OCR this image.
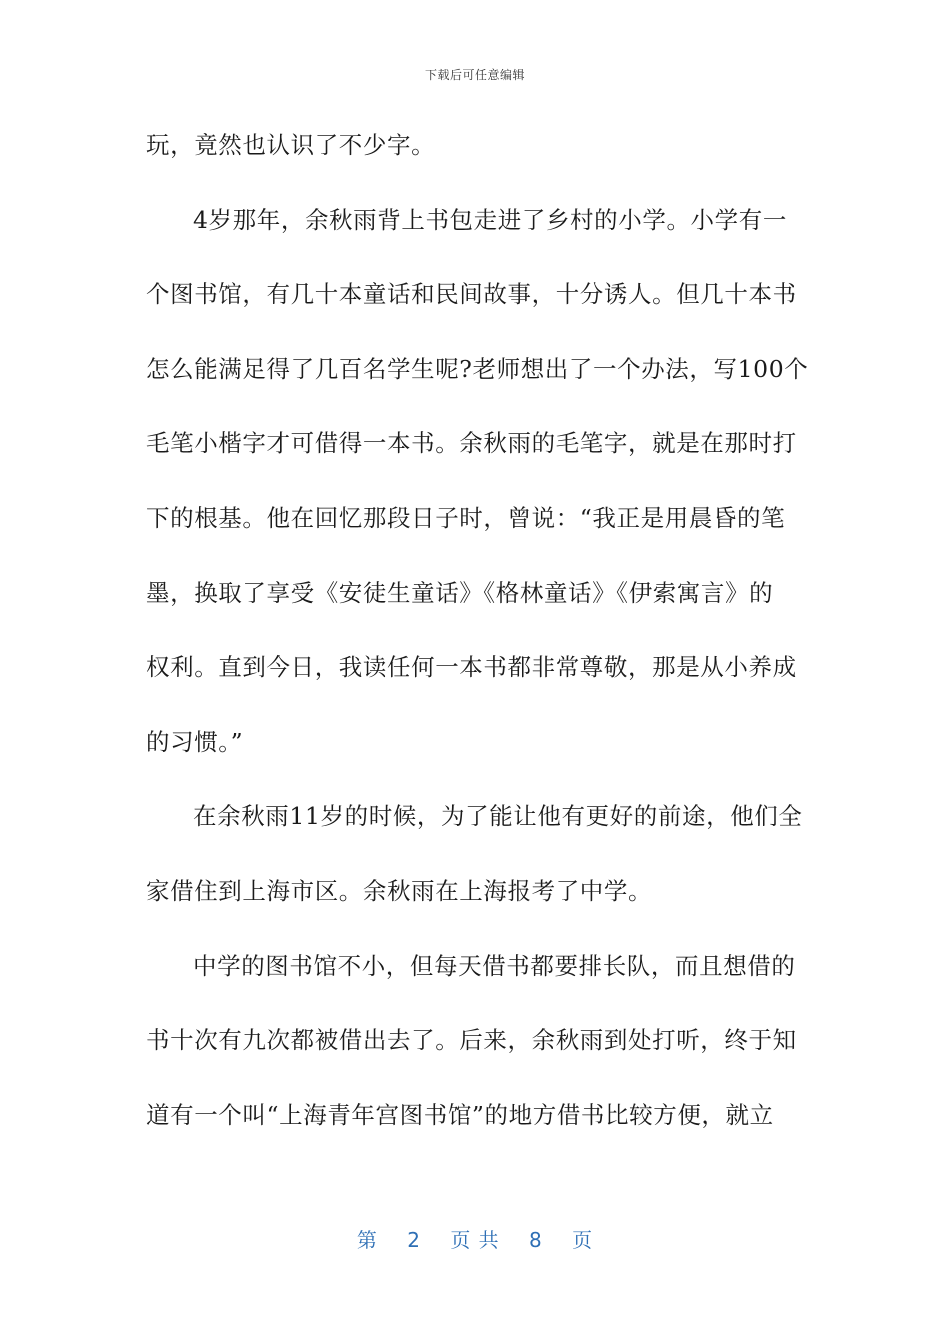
下载后可任意编辑
玩，竟然也认识了不少字。
4岁那年，余秋雨背上书包走进了乡村的小学。小学有一
个图书馆，有几十本童话和民间故事，十分诱人。但几十本书
怎么能满足得了几百名学生呢?老师想出了一个办法，写100个
毛笔小楷字才可借得一本书。余秋雨的毛笔字，就是在那时打
下的根基。他在回忆那段日子时，曾说：“我正是用晨昏的笔
墨，换取了享受《安徒生童话》《格林童话》《伊索寓言》的
权利。直到今日，我读任何一本书都非常尊敬，那是从小养成
的习惯。”
在余秋雨11岁的时候，为了能让他有更好的前途，他们全
家借住到上海市区。余秋雨在上海报考了中学。
中学的图书馆不小，但每天借书都要排长队，而且想借的
书十次有九次都被借出去了。后来，余秋雨到处打听，终于知
道有一个叫“上海青年宫图书馆”的地方借书比较方便，就立
第 2 页 共 8 页
